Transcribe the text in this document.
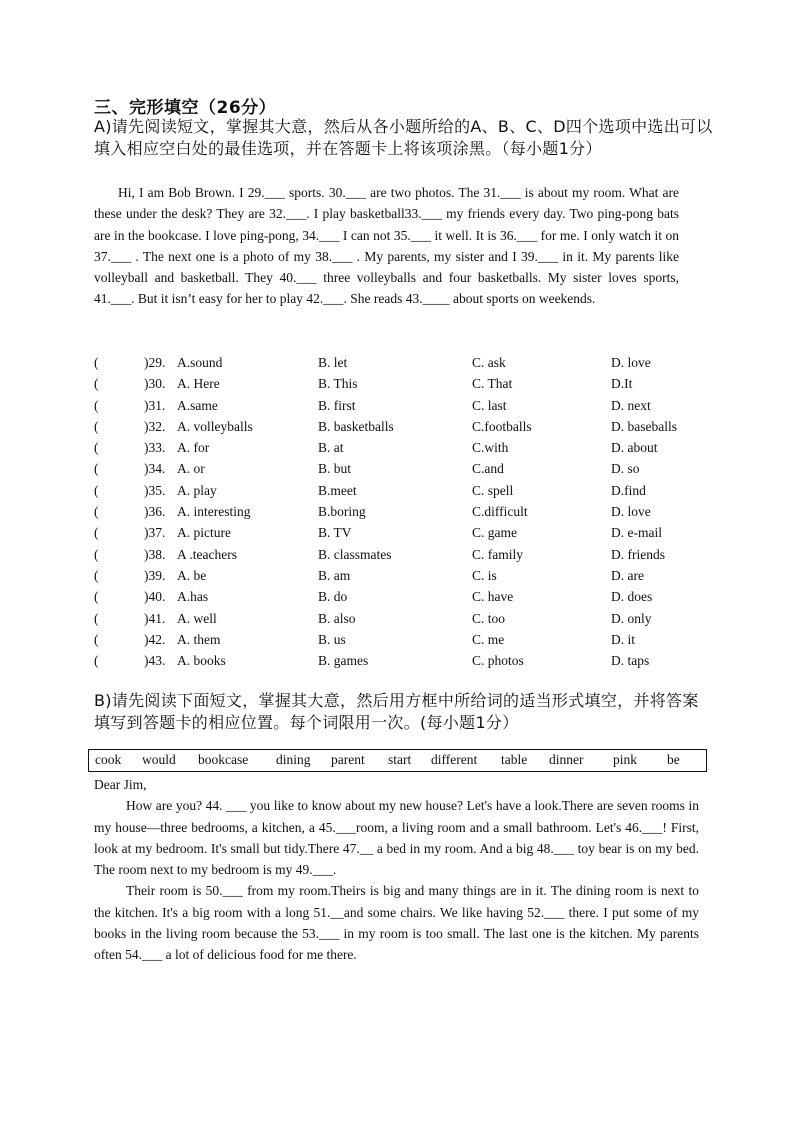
三、完形填空（26分）
A)请先阅读短文，掌握其大意，然后从各小题所给的A、B、C、D四个选项中选出可以填入相应空白处的最佳选项，并在答题卡上将该项涂黑。（每小题1分）

Hi, I am Bob Brown. I 29.___ sports. 30.___ are two photos. The 31.___ is about my room. What are these under the desk? They are 32.___. I play basketball33.___ my friends every day. Two ping-pong bats are in the bookcase. I love ping-pong, 34.___ I can not 35.___ it well. It is 36.___ for me. I only watch it on 37.___ . The next one is a photo of my 38.___ . My parents, my sister and I 39.___ in it. My parents like volleyball and basketball. They 40.___ three volleyballs and four basketballs. My sister loves sports, 41.___. But it isn’t easy for her to play 42.___. She reads 43.____ about sports on weekends.

(	)29. A.sound	B. let	C. ask	D. love
(	)30. A. Here	B. This	C. That	D.It
(	)31. A.same	B. first	C. last	D. next
(	)32. A. volleyballs	B. basketballs	C.footballs	D. baseballs
(	)33. A. for	B. at	C.with	D. about
(	)34. A. or	B. but	C.and	D. so
(	)35. A. play	B.meet	C. spell	D.find
(	)36. A. interesting	B.boring	C.difficult	D. love
(	)37. A. picture	B. TV	C. game	D. e-mail
(	)38. A .teachers	B. classmates	C. family	D. friends
(	)39. A. be	B. am	C. is	D. are
(	)40. A.has	B. do	C. have	D. does
(	)41. A. well	B. also	C. too	D. only
(	)42. A. them	B. us	C. me	D. it
(	)43. A. books	B. games	C. photos	D. taps
B)请先阅读下面短文，掌握其大意，然后用方框中所给词的适当形式填空，并将答案填写到答题卡的相应位置。每个词限用一次。(每小题1分）
cook would bookcase dining parent start different table dinner pink be

Dear Jim,

How are you? 44. ___ you like to know about my new house? Let's have a look.There are seven rooms in my house—three bedrooms, a kitchen, a 45.___room, a living room and a small bathroom. Let's 46.___! First, look at my bedroom. It's small but tidy.There 47.__ a bed in my room. And a big 48.___ toy bear is on my bed. The room next to my bedroom is my 49.___.

Their room is 50.___ from my room.Theirs is big and many things are in it. The dining room is next to the kitchen. It's a big room with a long 51.__and some chairs. We like having 52.___ there. I put some of my books in the living room because the 53.___ in my room is too small. The last one is the kitchen. My parents often 54.___ a lot of delicious food for me there.
